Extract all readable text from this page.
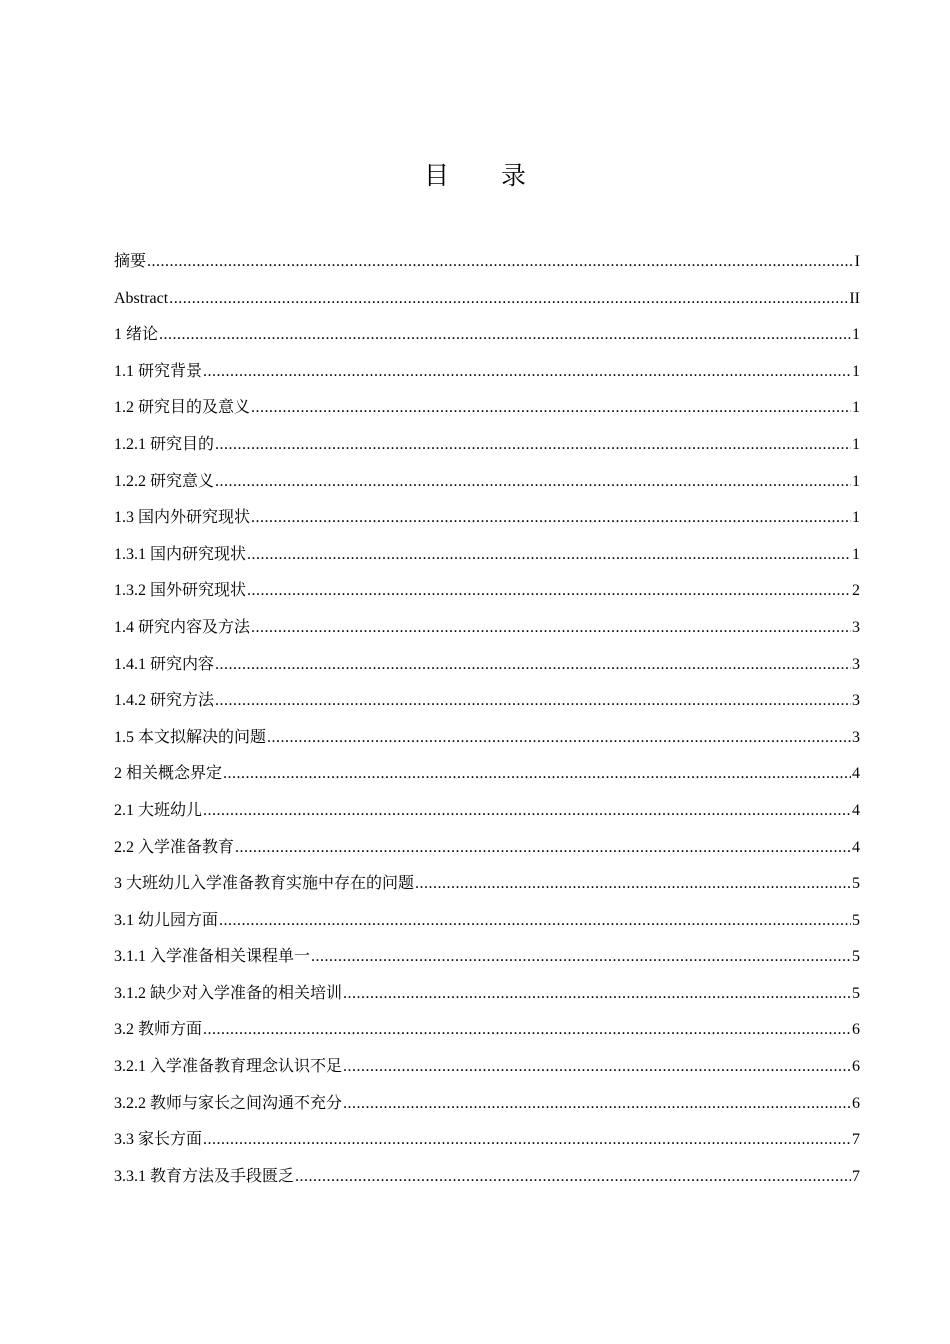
目 录
摘要 .....	I
Abstract .....	II
1 绪论 .....	1
1.1 研究背景 .....	1
1.2 研究目的及意义 .....	1
1.2.1 研究目的 .....	1
1.2.2 研究意义 .....	1
1.3 国内外研究现状 .....	1
1.3.1 国内研究现状 .....	1
1.3.2 国外研究现状 .....	2
1.4 研究内容及方法 .....	3
1.4.1 研究内容 .....	3
1.4.2 研究方法 .....	3
1.5 本文拟解决的问题 .....	3
2 相关概念界定 .....	4
2.1 大班幼儿 .....	4
2.2 入学准备教育 .....	4
3 大班幼儿入学准备教育实施中存在的问题 .....	5
3.1 幼儿园方面 .....	5
3.1.1 入学准备相关课程单一 .....	5
3.1.2 缺少对入学准备的相关培训 .....	5
3.2 教师方面 .....	6
3.2.1 入学准备教育理念认识不足 .....	6
3.2.2 教师与家长之间沟通不充分 .....	6
3.3 家长方面 .....	7
3.3.1 教育方法及手段匮乏 .....	7
